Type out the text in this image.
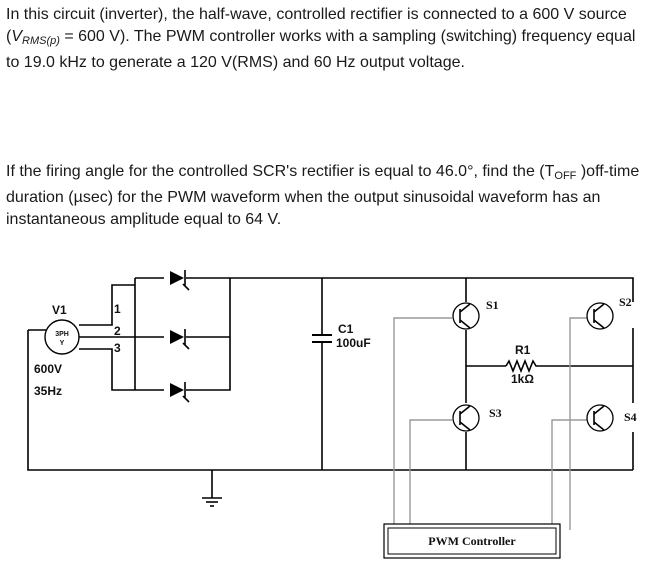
In this circuit (inverter), the half-wave, controlled rectifier is connected to a 600 V source ($V_{RMS(p)} = 600$ V). The PWM controller works with a sampling (switching) frequency equal to 19.0 kHz to generate a 120 V(RMS) and 60 Hz output voltage.

If the firing angle for the controlled SCR's rectifier is equal to 46.0°, find the (TOFF )off-time duration (µsec) for the PWM waveform when the output sinusoidal waveform has an instantaneous amplitude equal to 64 V.

3PH
Y
V1	1
2
3
600V
35Hz
C1
100uF	R1
1kΩ
S1	S2
S3	S4
PWM Controller
